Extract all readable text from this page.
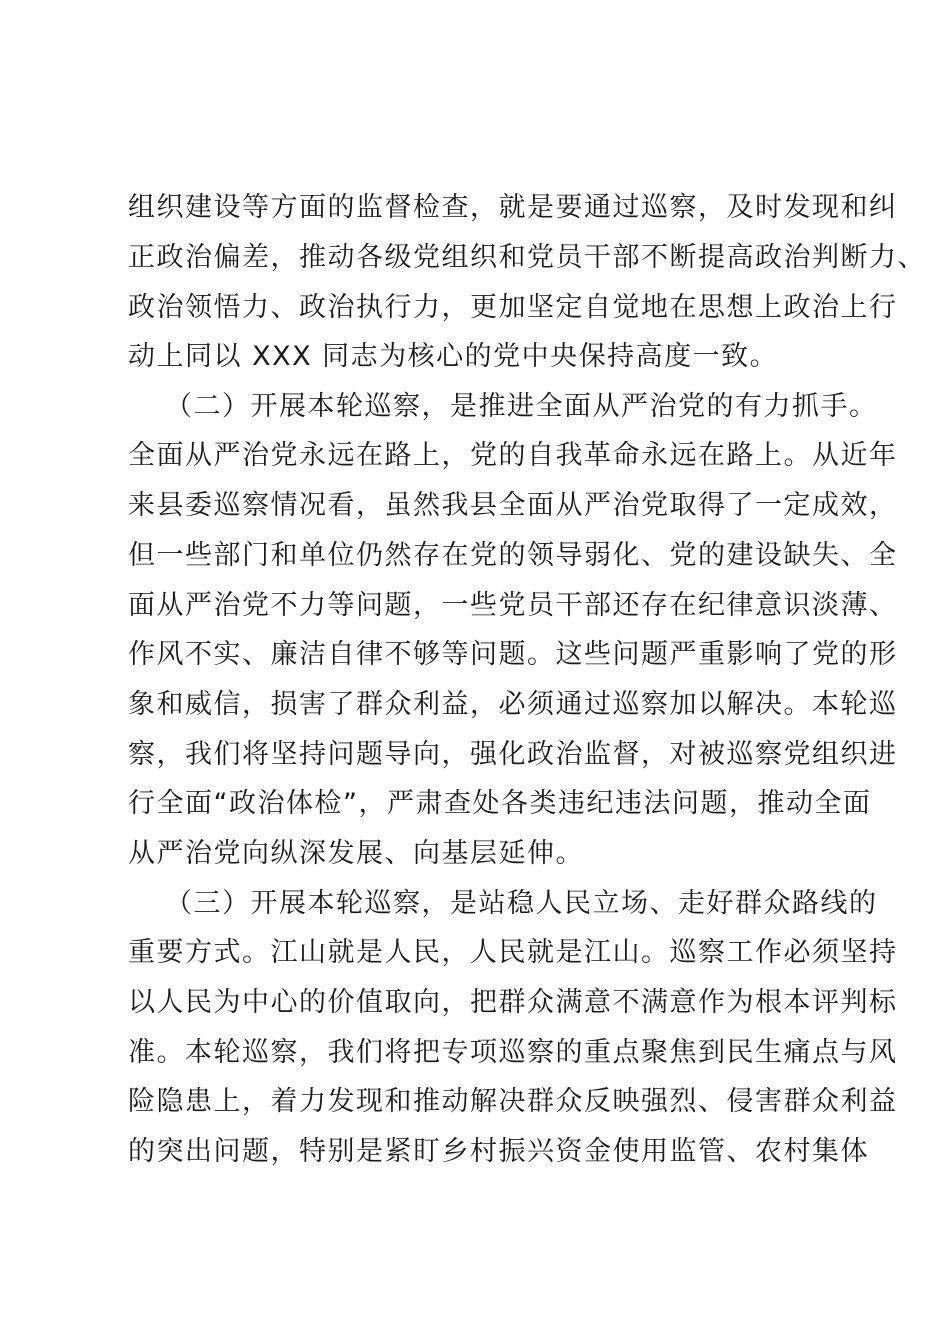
组织建设等方面的监督检查，就是要通过巡察，及时发现和纠
正政治偏差，推动各级党组织和党员干部不断提高政治判断力、
政治领悟力、政治执行力，更加坚定自觉地在思想上政治上行
动上同以 XXX 同志为核心的党中央保持高度一致。
（二）开展本轮巡察，是推进全面从严治党的有力抓手。
全面从严治党永远在路上，党的自我革命永远在路上。从近年
来县委巡察情况看，虽然我县全面从严治党取得了一定成效，
但一些部门和单位仍然存在党的领导弱化、党的建设缺失、全
面从严治党不力等问题，一些党员干部还存在纪律意识淡薄、
作风不实、廉洁自律不够等问题。这些问题严重影响了党的形
象和威信，损害了群众利益，必须通过巡察加以解决。本轮巡
察，我们将坚持问题导向，强化政治监督，对被巡察党组织进
行全面“政治体检”，严肃查处各类违纪违法问题，推动全面
从严治党向纵深发展、向基层延伸。
（三）开展本轮巡察，是站稳人民立场、走好群众路线的
重要方式。江山就是人民，人民就是江山。巡察工作必须坚持
以人民为中心的价值取向，把群众满意不满意作为根本评判标
准。本轮巡察，我们将把专项巡察的重点聚焦到民生痛点与风
险隐患上，着力发现和推动解决群众反映强烈、侵害群众利益
的突出问题，特别是紧盯乡村振兴资金使用监管、农村集体
